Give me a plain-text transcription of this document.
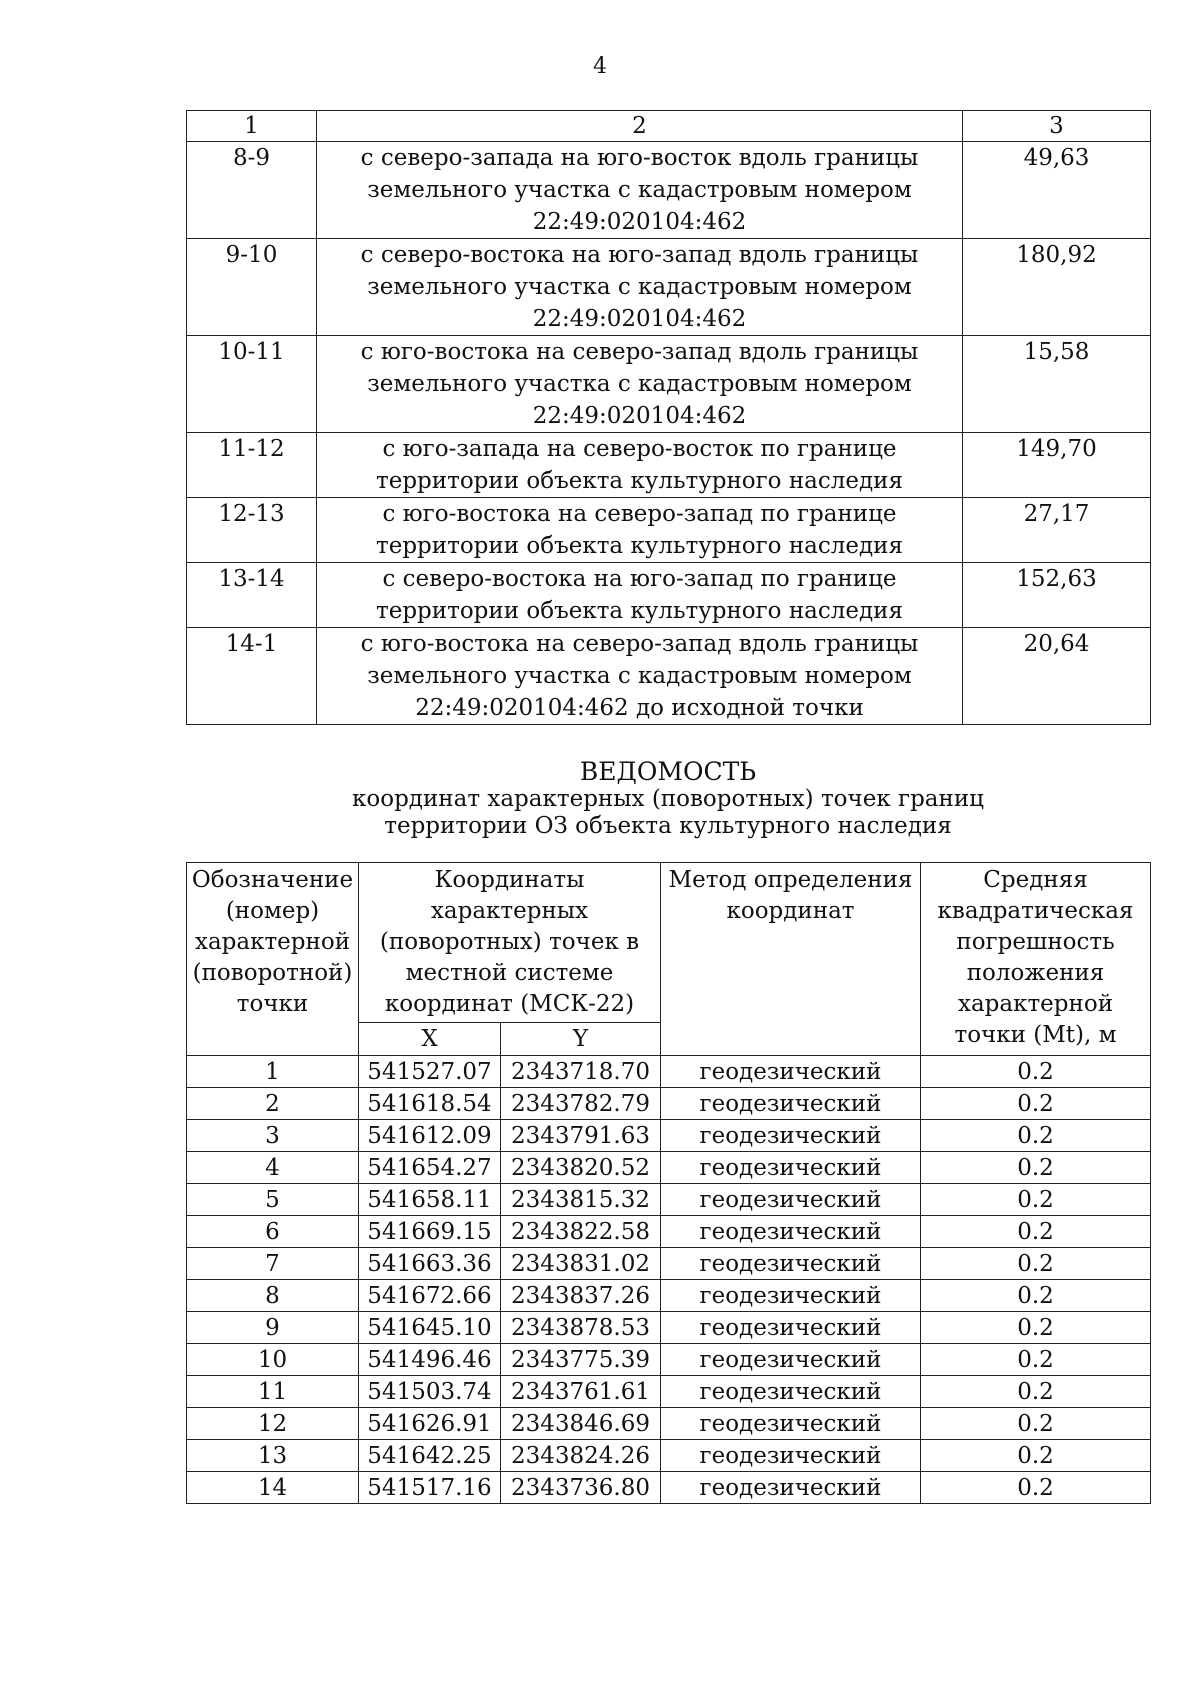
4
1	2	3
8-9	с северо-запада на юго-восток вдоль границы земельного участка с кадастровым номером 22:49:020104:462	49,63
9-10	с северо-востока на юго-запад вдоль границы земельного участка с кадастровым номером 22:49:020104:462	180,92
10-11	с юго-востока на северо-запад вдоль границы земельного участка с кадастровым номером 22:49:020104:462	15,58
11-12	с юго-запада на северо-восток по границе территории объекта культурного наследия	149,70
12-13	с юго-востока на северо-запад по границе территории объекта культурного наследия	27,17
13-14	с северо-востока на юго-запад по границе территории объекта культурного наследия	152,63
14-1	с юго-востока на северо-запад вдоль границы земельного участка с кадастровым номером 22:49:020104:462 до исходной точки	20,64
ВЕДОМОСТЬ
координат характерных (поворотных) точек границ
территории ОЗ объекта культурного наследия
Обозначение (номер) характерной (поворотной) точки	Координаты характерных (поворотных) точек в местной системе координат (МСК-22)		Метод определения координат	Средняя квадратическая погрешность положения характерной точки (Mt), м
	X	Y		
1	541527.07	2343718.70	геодезический	0.2
2	541618.54	2343782.79	геодезический	0.2
3	541612.09	2343791.63	геодезический	0.2
4	541654.27	2343820.52	геодезический	0.2
5	541658.11	2343815.32	геодезический	0.2
6	541669.15	2343822.58	геодезический	0.2
7	541663.36	2343831.02	геодезический	0.2
8	541672.66	2343837.26	геодезический	0.2
9	541645.10	2343878.53	геодезический	0.2
10	541496.46	2343775.39	геодезический	0.2
11	541503.74	2343761.61	геодезический	0.2
12	541626.91	2343846.69	геодезический	0.2
13	541642.25	2343824.26	геодезический	0.2
14	541517.16	2343736.80	геодезический	0.2
